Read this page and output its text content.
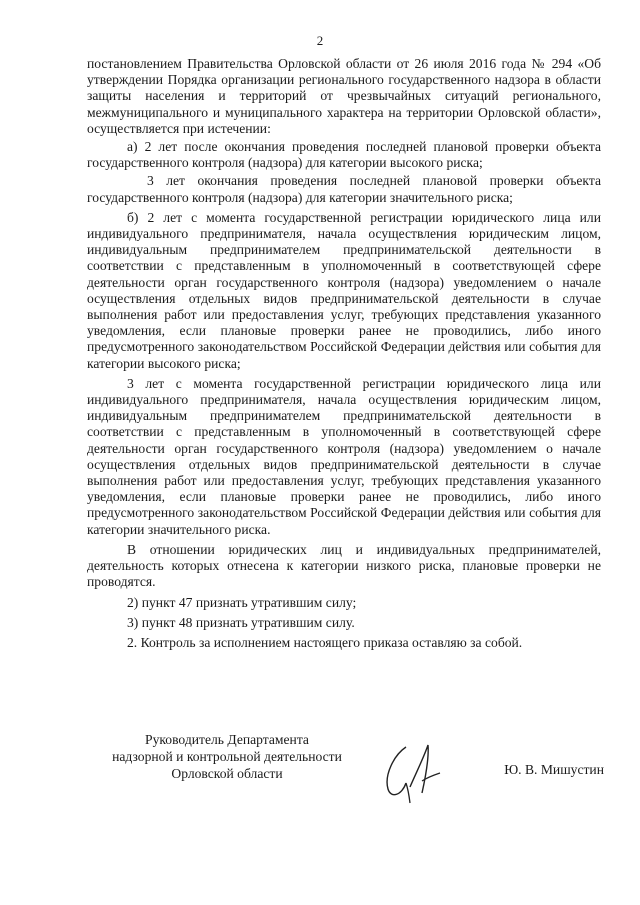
2

постановлением Правительства Орловской области от 26 июля 2016 года № 294 «Об утверждении Порядка организации регионального государственного надзора в области защиты населения и территорий от чрезвычайных ситуаций регионального, межмуниципального и муниципального характера на территории Орловской области», осуществляется при истечении:

а) 2 лет после окончания проведения последней плановой проверки объекта государственного контроля (надзора) для категории высокого риска;

3 лет окончания проведения последней плановой проверки объекта государственного контроля (надзора) для категории значительного риска;

б) 2 лет с момента государственной регистрации юридического лица или индивидуального предпринимателя, начала осуществления юридическим лицом, индивидуальным предпринимателем предпринимательской деятельности в соответствии с представленным в уполномоченный в соответствующей сфере деятельности орган государственного контроля (надзора) уведомлением о начале осуществления отдельных видов предпринимательской деятельности в случае выполнения работ или предоставления услуг, требующих представления указанного уведомления, если плановые проверки ранее не проводились, либо иного предусмотренного законодательством Российской Федерации действия или события для категории высокого риска;

3 лет с момента государственной регистрации юридического лица или индивидуального предпринимателя, начала осуществления юридическим лицом, индивидуальным предпринимателем предпринимательской деятельности в соответствии с представленным в уполномоченный в соответствующей сфере деятельности орган государственного контроля (надзора) уведомлением о начале осуществления отдельных видов предпринимательской деятельности в случае выполнения работ или предоставления услуг, требующих представления указанного уведомления, если плановые проверки ранее не проводились, либо иного предусмотренного законодательством Российской Федерации действия или события для категории значительного риска.

В отношении юридических лиц и индивидуальных предпринимателей, деятельность которых отнесена к категории низкого риска, плановые проверки не проводятся.

2) пункт 47 признать утратившим силу;

3) пункт 48 признать утратившим силу.

2. Контроль за исполнением настоящего приказа оставляю за собой.

Руководитель Департамента
надзорной и контрольной деятельности
Орловской области	Ю. В. Мишустин
